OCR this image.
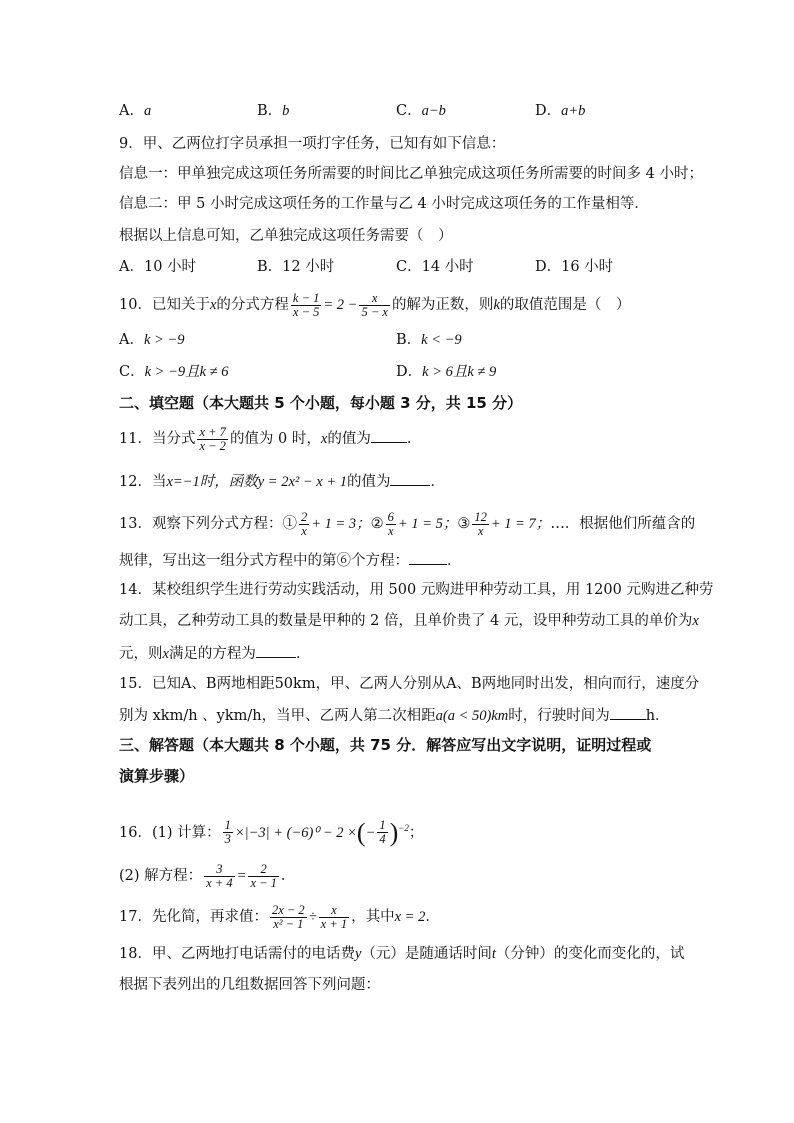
A．a	B．b	C．a−b	D．a+b
9．甲、乙两位打字员承担一项打字任务，已知有如下信息：
信息一：甲单独完成这项任务所需要的时间比乙单独完成这项任务所需要的时间多 4 小时；
信息二：甲 5 小时完成这项任务的工作量与乙 4 小时完成这项任务的工作量相等．
根据以上信息可知，乙单独完成这项任务需要（　）
A．10 小时	B．12 小时	C．14 小时	D．16 小时
10．已知关于x的分式方程 $\frac{k - 1}{x - 5} = 2 - \frac{x}{5 - x}$ 的解为正数，则k的取值范围是（　）
A．k > −9	B．k < −9
C．k > −9且k ≠ 6	D．k > 6且k ≠ 9
二、填空题（本大题共 5 个小题，每小题 3 分，共 15 分）
11．当分式 $\frac{x + 7}{x - 2}$ 的值为 0 时，x的值为 ．
12．当x=−1时，函数y = 2x² − x + 1的值为	．
13．观察下列分式方程：① $\frac{2}{x} + 1 = 3$；② $\frac{6}{x} + 1 = 5$；③ $\frac{12}{x} + 1 = 7$；…．根据他们所蕴含的
规律，写出这一组分式方程中的第⑥个方程：	．
14．某校组织学生进行劳动实践活动，用 500 元购进甲种劳动工具，用 1200 元购进乙种劳
动工具，乙种劳动工具的数量是甲种的 2 倍，且单价贵了 4 元，设甲种劳动工具的单价为x
元，则x满足的方程为	．
15．已知A、B两地相距50km，甲、乙两人分别从A、B两地同时出发，相向而行，速度分
别为 xkm/h 、ykm/h，当甲、乙两人第二次相距a(a < 50)km时，行驶时间为 h．
三、解答题（本大题共 8 个小题，共 75 分．解答应写出文字说明，证明过程或
演算步骤）
16．(1) 计算： $\frac{1}{3} \times|-3| + (-6)^0 - 2$ ×(− $\frac{1}{4} )^{-2}$；
(2) 解方程： $\frac{3}{x + 4} = \frac{2}{x - 1}$ ．
17．先化简，再求值： $\frac{2x - 2}{\text{x² − 1}} \div \frac{x}{x + 1}$ ，其中x = 2．
18．甲、乙两地打电话需付的电话费y（元）是随通话时间t（分钟）的变化而变化的，试
根据下表列出的几组数据回答下列问题：
